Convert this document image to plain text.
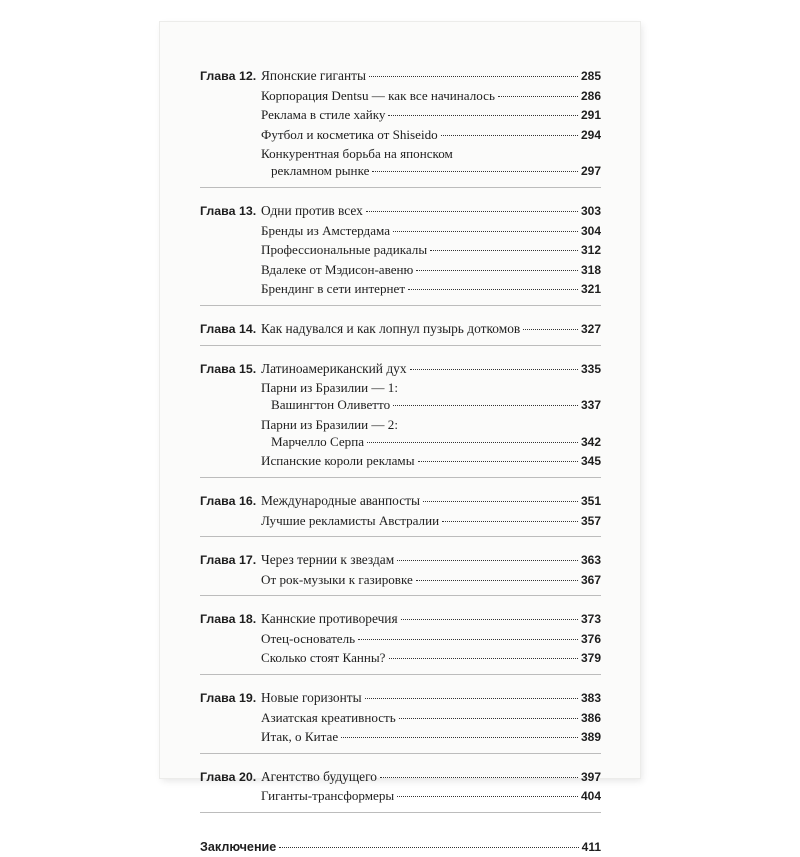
Глава 12. Японские гиганты	285
Корпорация Dentsu — как все начиналось	286
Реклама в стиле хайку	291
Футбол и косметика от Shiseido	294
Конкурентная борьба на японском
рекламном рынке	297
Глава 13. Одни против всех	303
Бренды из Амстердама	304
Профессиональные радикалы	312
Вдалеке от Мэдисон-авеню	318
Брендинг в сети интернет	321
Глава 14. Как надувался и как лопнул пузырь доткомов	327
Глава 15. Латиноамериканский дух	335
Парни из Бразилии — 1:
Вашингтон Оливетто	337
Парни из Бразилии — 2:
Марчелло Серпа	342
Испанские короли рекламы	345
Глава 16. Международные аванпосты	351
Лучшие рекламисты Австралии	357
Глава 17. Через тернии к звездам	363
От рок-музыки к газировке	367
Глава 18. Каннские противоречия	373
Отец-основатель	376
Сколько стоят Канны?	379
Глава 19. Новые горизонты	383
Азиатская креативность	386
Итак, о Китае	389
Глава 20. Агентство будущего	397
Гиганты-трансформеры	404
Заключение	411
